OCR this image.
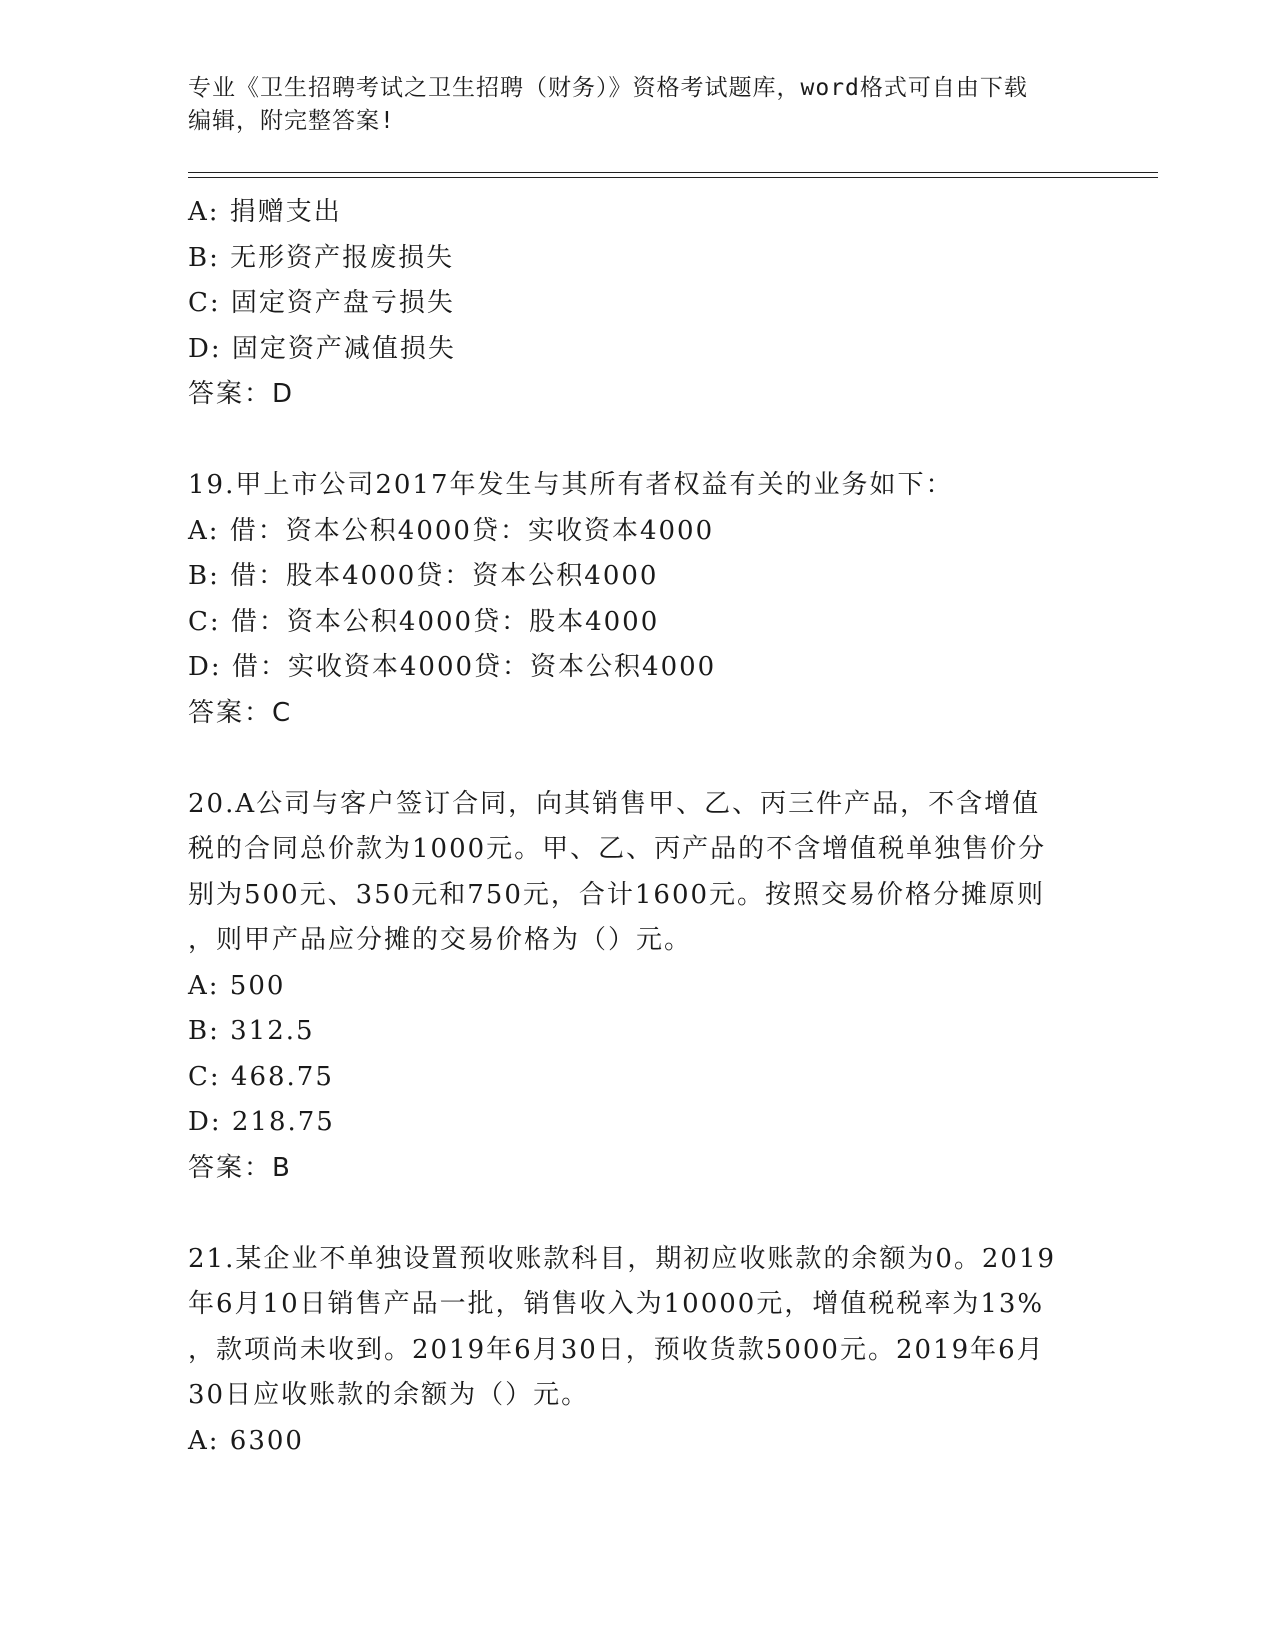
专业《卫生招聘考试之卫生招聘（财务）》资格考试题库，word格式可自由下载
编辑，附完整答案!
A: 捐赠支出
B: 无形资产报废损失
C: 固定资产盘亏损失
D: 固定资产减值损失
答案：D
19.甲上市公司2017年发生与其所有者权益有关的业务如下：
A: 借：资本公积4000贷：实收资本4000
B: 借：股本4000贷：资本公积4000
C: 借：资本公积4000贷：股本4000
D: 借：实收资本4000贷：资本公积4000
答案：C
20.A公司与客户签订合同，向其销售甲、乙、丙三件产品，不含增值
税的合同总价款为1000元。甲、乙、丙产品的不含增值税单独售价分
别为500元、350元和750元，合计1600元。按照交易价格分摊原则
，则甲产品应分摊的交易价格为（）元。
A: 500
B: 312.5
C: 468.75
D: 218.75
答案：B
21.某企业不单独设置预收账款科目，期初应收账款的余额为0。2019
年6月10日销售产品一批，销售收入为10000元，增值税税率为13%
，款项尚未收到。2019年6月30日，预收货款5000元。2019年6月
30日应收账款的余额为（）元。
A: 6300
